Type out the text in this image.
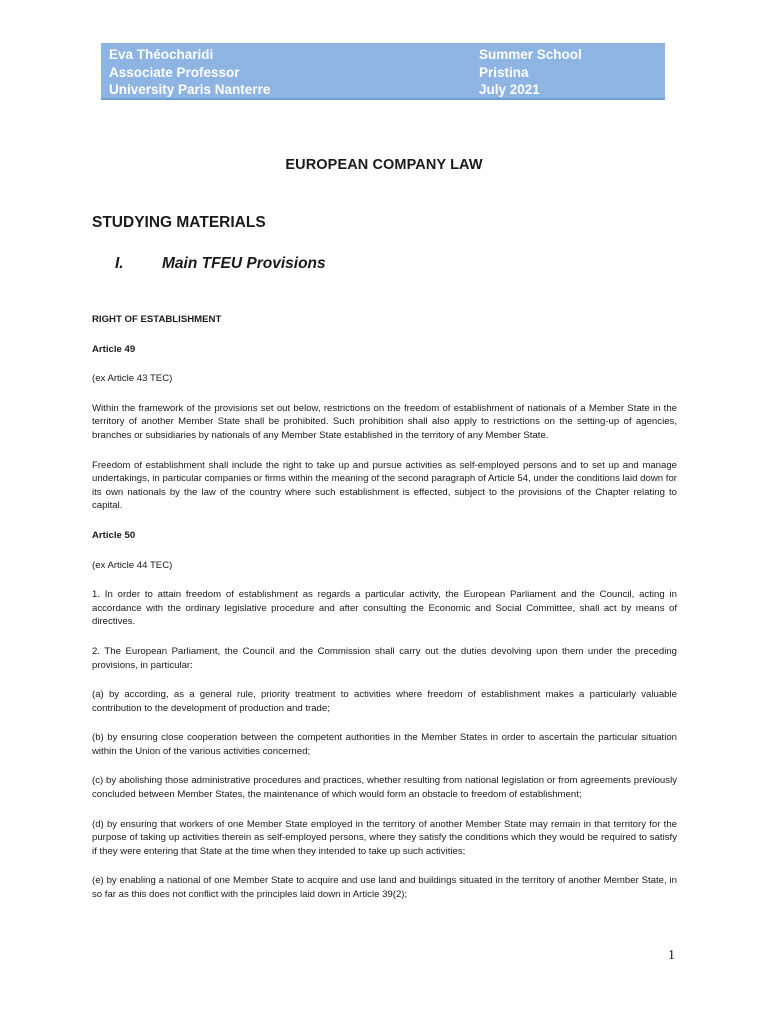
Eva Théocharidi
Associate Professor
University Paris Nanterre
Summer School
Pristina
July 2021
EUROPEAN COMPANY LAW
STUDYING MATERIALS
I.	Main TFEU Provisions

RIGHT OF ESTABLISHMENT

Article 49

(ex Article 43 TEC)

Within the framework of the provisions set out below, restrictions on the freedom of establishment of nationals of a Member State in the territory of another Member State shall be prohibited. Such prohibition shall also apply to restrictions on the setting-up of agencies, branches or subsidiaries by nationals of any Member State established in the territory of any Member State.

Freedom of establishment shall include the right to take up and pursue activities as self-employed persons and to set up and manage undertakings, in particular companies or firms within the meaning of the second paragraph of Article 54, under the conditions laid down for its own nationals by the law of the country where such establishment is effected, subject to the provisions of the Chapter relating to capital.

Article 50

(ex Article 44 TEC)

1. In order to attain freedom of establishment as regards a particular activity, the European Parliament and the Council, acting in accordance with the ordinary legislative procedure and after consulting the Economic and Social Committee, shall act by means of directives.

2. The European Parliament, the Council and the Commission shall carry out the duties devolving upon them under the preceding provisions, in particular:

(a) by according, as a general rule, priority treatment to activities where freedom of establishment makes a particularly valuable contribution to the development of production and trade;

(b) by ensuring close cooperation between the competent authorities in the Member States in order to ascertain the particular situation within the Union of the various activities concerned;

(c) by abolishing those administrative procedures and practices, whether resulting from national legislation or from agreements previously concluded between Member States, the maintenance of which would form an obstacle to freedom of establishment;

(d) by ensuring that workers of one Member State employed in the territory of another Member State may remain in that territory for the purpose of taking up activities therein as self-employed persons, where they satisfy the conditions which they would be required to satisfy if they were entering that State at the time when they intended to take up such activities;

(e) by enabling a national of one Member State to acquire and use land and buildings situated in the territory of another Member State, in so far as this does not conflict with the principles laid down in Article 39(2);

1
